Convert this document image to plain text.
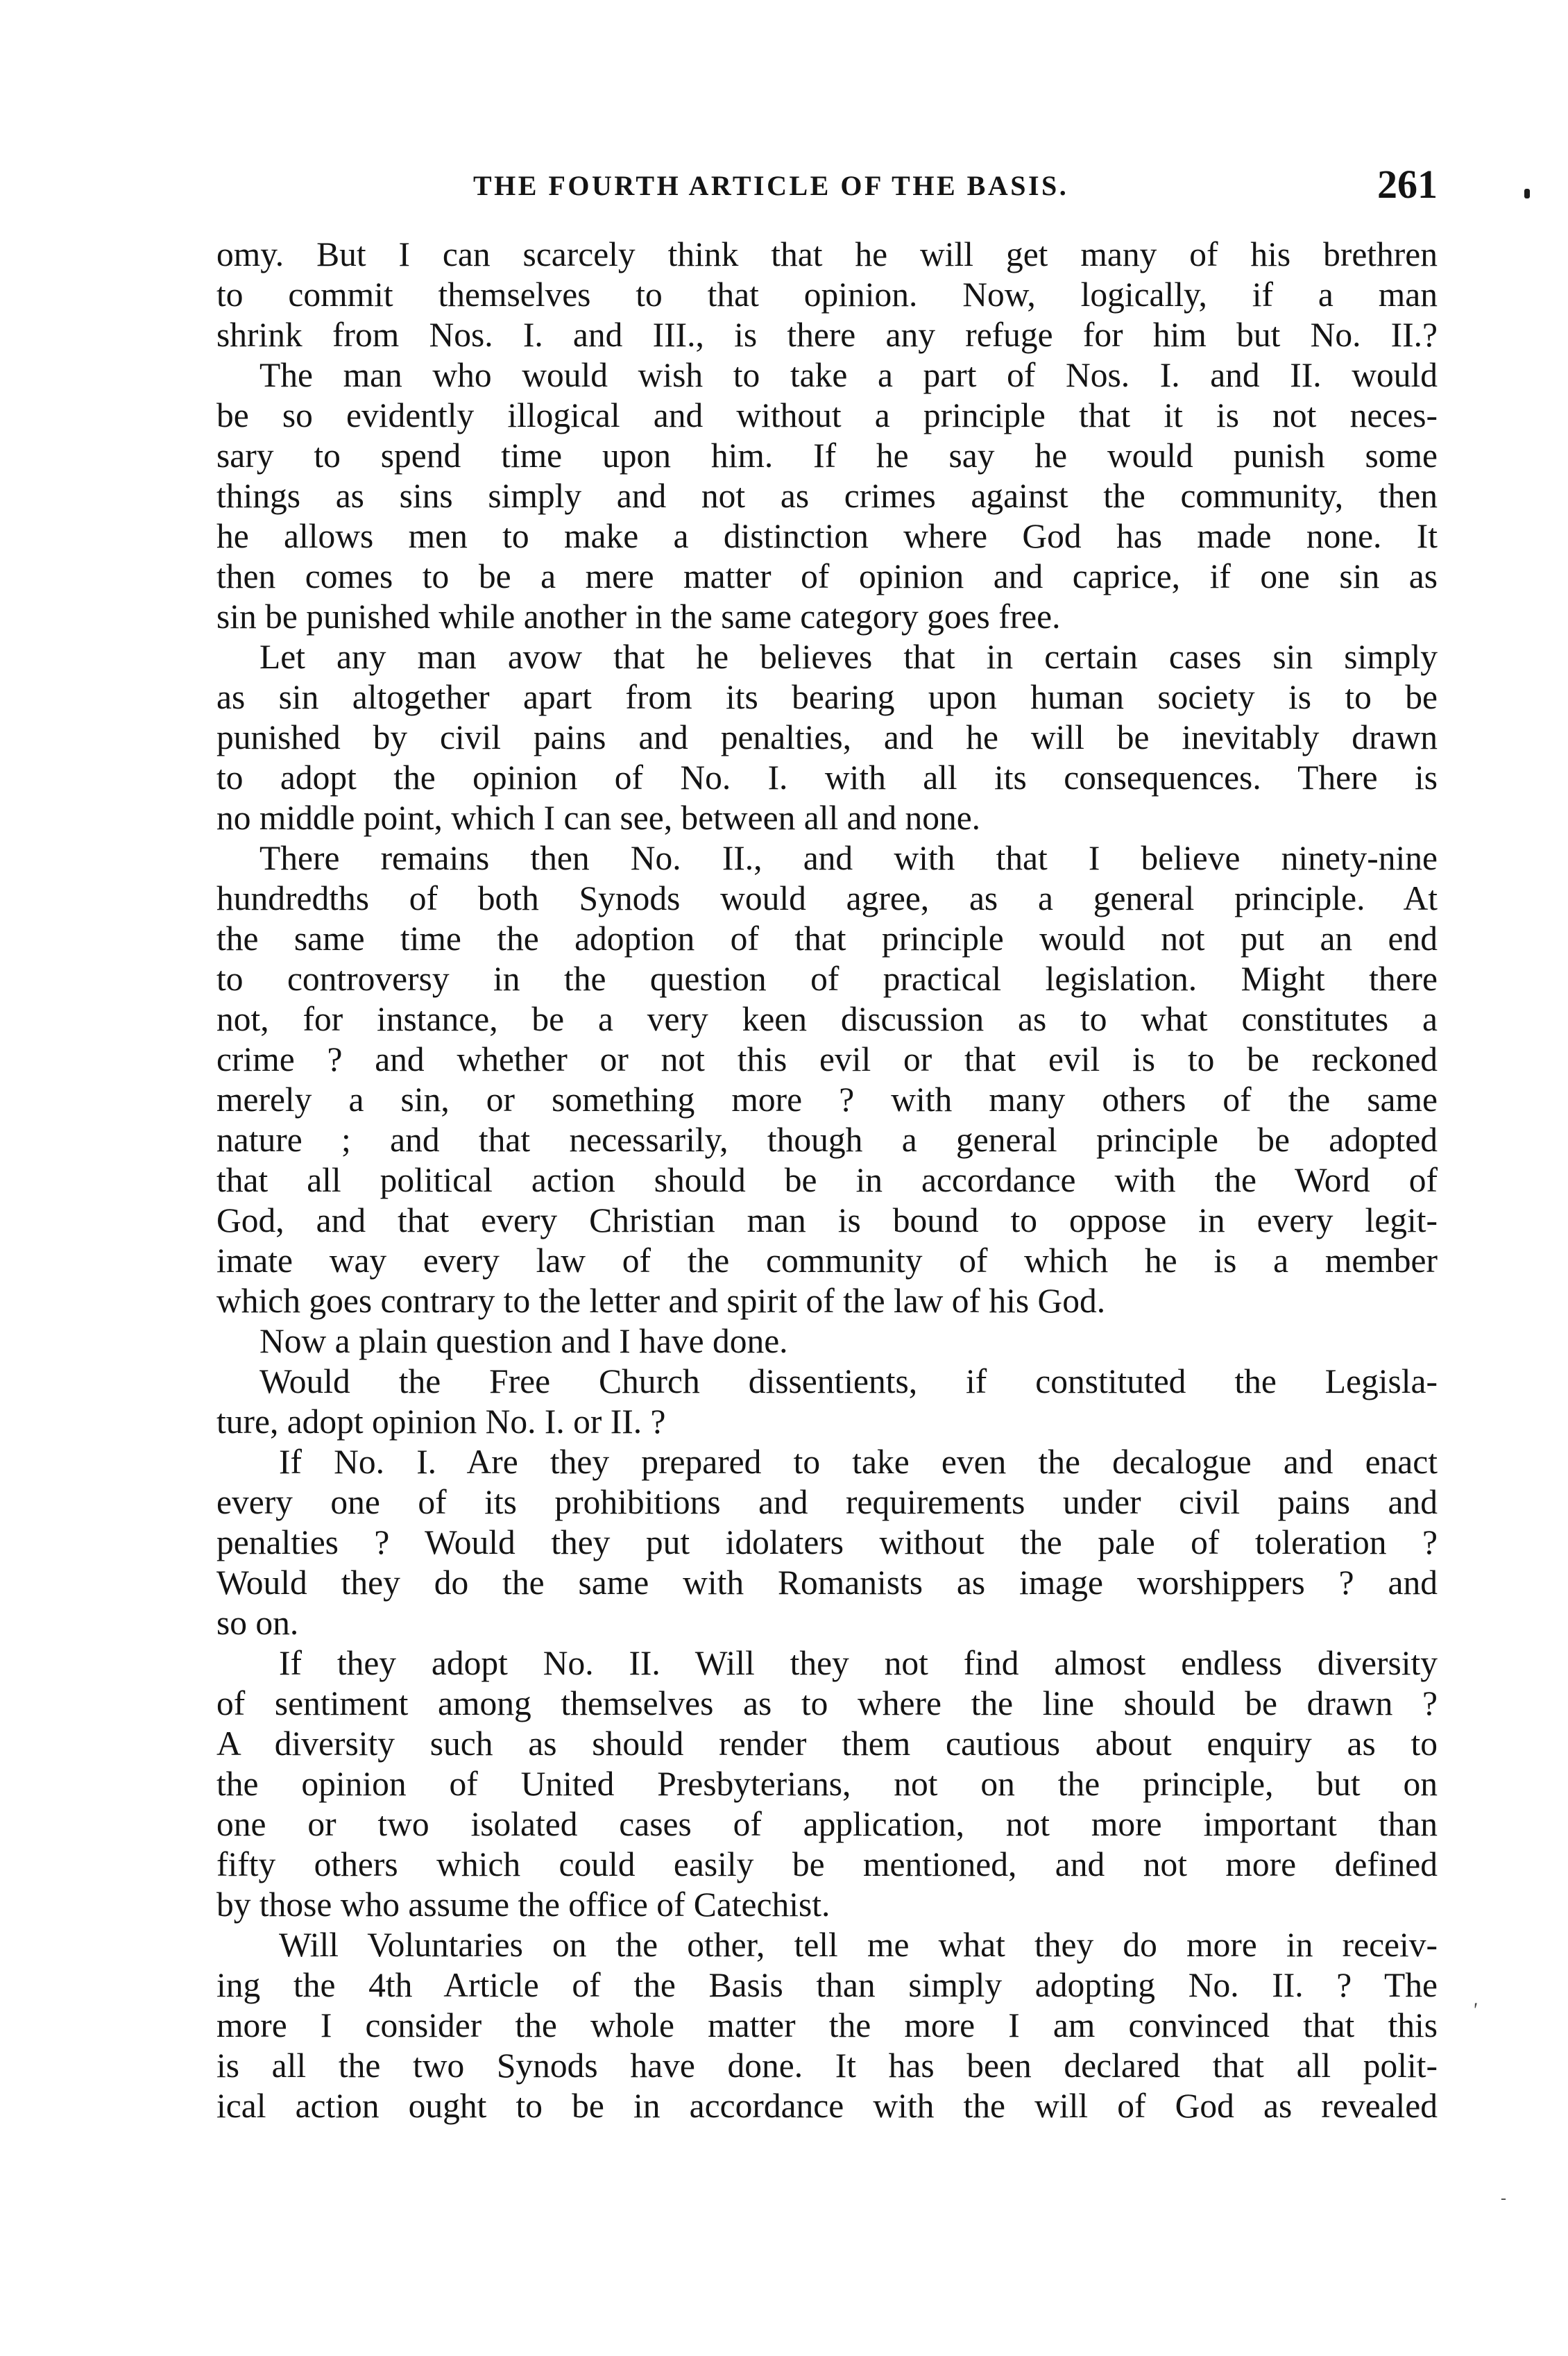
THE FOURTH ARTICLE OF THE BASIS.	261
omy. But I can scarcely think that he will get many of his brethren
to commit themselves to that opinion. Now, logically, if a man
shrink from Nos. I. and III., is there any refuge for him but No. II.?
The man who would wish to take a part of Nos. I. and II. would
be so evidently illogical and without a principle that it is not neces-
sary to spend time upon him. If he say he would punish some
things as sins simply and not as crimes against the community, then
he allows men to make a distinction where God has made none. It
then comes to be a mere matter of opinion and caprice, if one sin as
sin be punished while another in the same category goes free.
Let any man avow that he believes that in certain cases sin simply
as sin altogether apart from its bearing upon human society is to be
punished by civil pains and penalties, and he will be inevitably drawn
to adopt the opinion of No. I. with all its consequences. There is
no middle point, which I can see, between all and none.
There remains then No. II., and with that I believe ninety-nine
hundredths of both Synods would agree, as a general principle. At
the same time the adoption of that principle would not put an end
to controversy in the question of practical legislation. Might there
not, for instance, be a very keen discussion as to what constitutes a
crime ? and whether or not this evil or that evil is to be reckoned
merely a sin, or something more ? with many others of the same
nature ; and that necessarily, though a general principle be adopted
that all political action should be in accordance with the Word of
God, and that every Christian man is bound to oppose in every legit-
imate way every law of the community of which he is a member
which goes contrary to the letter and spirit of the law of his God.
Now a plain question and I have done.
Would the Free Church dissentients, if constituted the Legisla-
ture, adopt opinion No. I. or II. ?
If No. I. Are they prepared to take even the decalogue and enact
every one of its prohibitions and requirements under civil pains and
penalties ? Would they put idolaters without the pale of toleration ?
Would they do the same with Romanists as image worshippers ? and
so on.
If they adopt No. II. Will they not find almost endless diversity
of sentiment among themselves as to where the line should be drawn ?
A diversity such as should render them cautious about enquiry as to
the opinion of United Presbyterians, not on the principle, but on
one or two isolated cases of application, not more important than
fifty others which could easily be mentioned, and not more defined
by those who assume the office of Catechist.
Will Voluntaries on the other, tell me what they do more in receiv-
ing the 4th Article of the Basis than simply adopting No. II. ? The
more I consider the whole matter the more I am convinced that this
is all the two Synods have done. It has been declared that all polit-
ical action ought to be in accordance with the will of God as revealed
'
-
